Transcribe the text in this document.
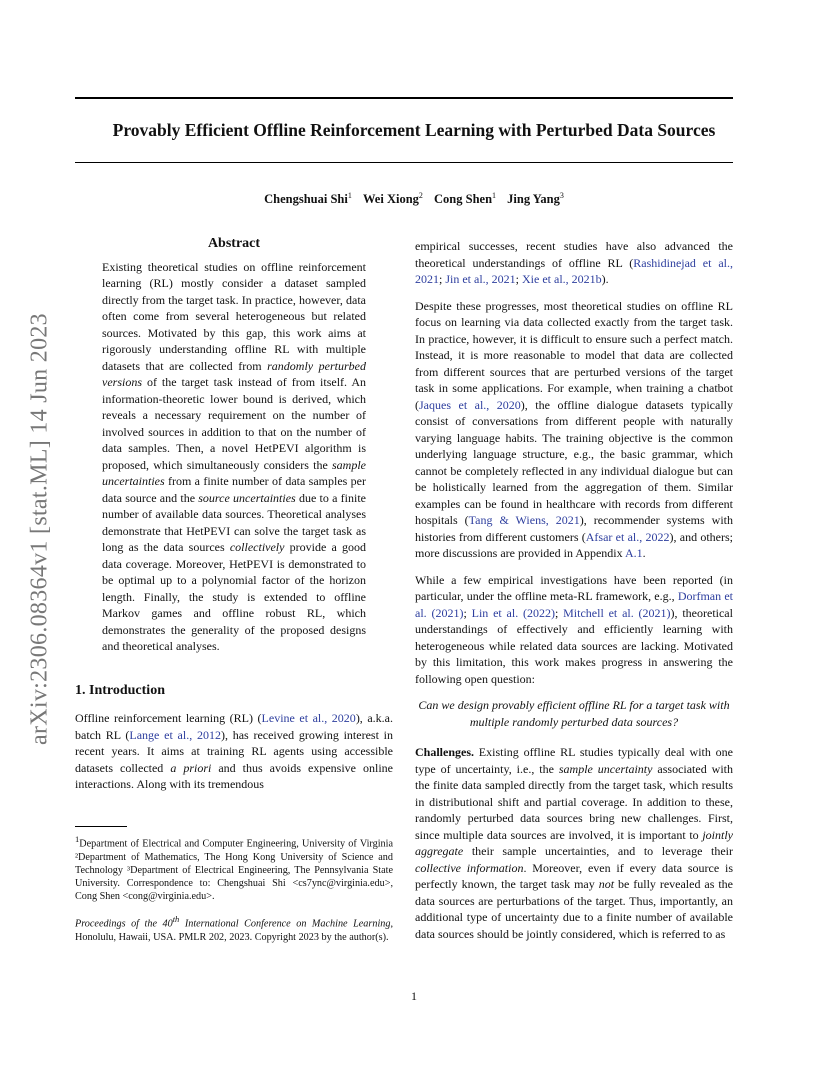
Provably Efficient Offline Reinforcement Learning with Perturbed Data Sources
Chengshuai Shi$^1$ Wei Xiong$^2$ Cong Shen$^1$ Jing Yang$^3$
arXiv:2306.08364v1 [stat.ML] 14 Jun 2023
Abstract

Existing theoretical studies on offline reinforcement learning (RL) mostly consider a dataset sampled directly from the target task. In practice, however, data often come from several heterogeneous but related sources. Motivated by this gap, this work aims at rigorously understanding offline RL with multiple datasets that are collected from randomly perturbed versions of the target task instead of from itself. An information-theoretic lower bound is derived, which reveals a necessary requirement on the number of involved sources in addition to that on the number of data samples. Then, a novel HetPEVI algorithm is proposed, which simultaneously considers the sample uncertainties from a finite number of data samples per data source and the source uncertainties due to a finite number of available data sources. Theoretical analyses demonstrate that HetPEVI can solve the target task as long as the data sources collectively provide a good data coverage. Moreover, HetPEVI is demonstrated to be optimal up to a polynomial factor of the horizon length. Finally, the study is extended to offline Markov games and offline robust RL, which demonstrates the generality of the proposed designs and theoretical analyses.

1. Introduction

Offline reinforcement learning (RL) (Levine et al., 2020), a.k.a. batch RL (Lange et al., 2012), has received growing interest in recent years. It aims at training RL agents using accessible datasets collected a priori and thus avoids expensive online interactions. Along with its tremendous

$^1$Department of Electrical and Computer Engineering, University of Virginia ²Department of Mathematics, The Hong Kong University of Science and Technology ³Department of Electrical Engineering, The Pennsylvania State University. Correspondence to: Chengshuai Shi <cs7ync@virginia.edu>, Cong Shen <cong@virginia.edu>.

Proceedings of the 40th International Conference on Machine Learning, Honolulu, Hawaii, USA. PMLR 202, 2023. Copyright 2023 by the author(s).

empirical successes, recent studies have also advanced the theoretical understandings of offline RL (Rashidinejad et al., 2021; Jin et al., 2021; Xie et al., 2021b).

Despite these progresses, most theoretical studies on offline RL focus on learning via data collected exactly from the target task. In practice, however, it is difficult to ensure such a perfect match. Instead, it is more reasonable to model that data are collected from different sources that are perturbed versions of the target task in some applications. For example, when training a chatbot (Jaques et al., 2020), the offline dialogue datasets typically consist of conversations from different people with naturally varying language habits. The training objective is the common underlying language structure, e.g., the basic grammar, which cannot be completely reflected in any individual dialogue but can be holistically learned from the aggregation of them. Similar examples can be found in healthcare with records from different hospitals (Tang & Wiens, 2021), recommender systems with histories from different customers (Afsar et al., 2022), and others; more discussions are provided in Appendix A.1.

While a few empirical investigations have been reported (in particular, under the offline meta-RL framework, e.g., Dorfman et al. (2021); Lin et al. (2022); Mitchell et al. (2021)), theoretical understandings of effectively and efficiently learning with heterogeneous while related data sources are lacking. Motivated by this limitation, this work makes progress in answering the following open question:

Can we design provably efficient offline RL for a target task with multiple randomly perturbed data sources?

Challenges. Existing offline RL studies typically deal with one type of uncertainty, i.e., the sample uncertainty associated with the finite data sampled directly from the target task, which results in distributional shift and partial coverage. In addition to these, randomly perturbed data sources bring new challenges. First, since multiple data sources are involved, it is important to jointly aggregate their sample uncertainties, and to leverage their collective information. Moreover, even if every data source is perfectly known, the target task may not be fully revealed as the data sources are perturbations of the target. Thus, importantly, an additional type of uncertainty due to a finite number of available data sources should be jointly considered, which is referred to as

1
